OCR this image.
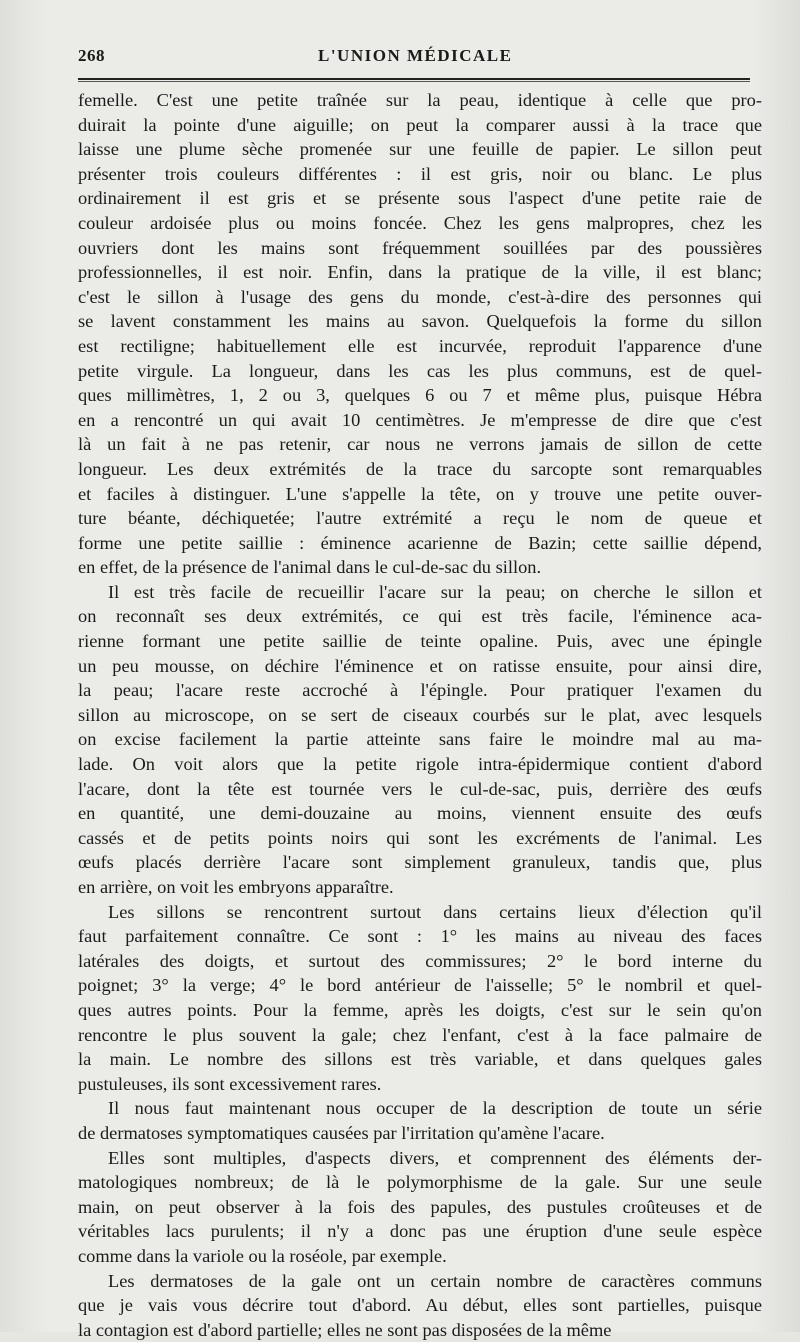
268	L'UNION MÉDICALE
femelle. C'est une petite traînée sur la peau, identique à celle que pro-
duirait la pointe d'une aiguille; on peut la comparer aussi à la trace que
laisse une plume sèche promenée sur une feuille de papier. Le sillon peut
présenter trois couleurs différentes : il est gris, noir ou blanc. Le plus
ordinairement il est gris et se présente sous l'aspect d'une petite raie de
couleur ardoisée plus ou moins foncée. Chez les gens malpropres, chez les
ouvriers dont les mains sont fréquemment souillées par des poussières
professionnelles, il est noir. Enfin, dans la pratique de la ville, il est blanc;
c'est le sillon à l'usage des gens du monde, c'est-à-dire des personnes qui
se lavent constamment les mains au savon. Quelquefois la forme du sillon
est rectiligne; habituellement elle est incurvée, reproduit l'apparence d'une
petite virgule. La longueur, dans les cas les plus communs, est de quel-
ques millimètres, 1, 2 ou 3, quelques 6 ou 7 et même plus, puisque Hébra
en a rencontré un qui avait 10 centimètres. Je m'empresse de dire que c'est
là un fait à ne pas retenir, car nous ne verrons jamais de sillon de cette
longueur. Les deux extrémités de la trace du sarcopte sont remarquables
et faciles à distinguer. L'une s'appelle la tête, on y trouve une petite ouver-
ture béante, déchiquetée; l'autre extrémité a reçu le nom de queue et
forme une petite saillie : éminence acarienne de Bazin; cette saillie dépend,
en effet, de la présence de l'animal dans le cul-de-sac du sillon.
Il est très facile de recueillir l'acare sur la peau; on cherche le sillon et
on reconnaît ses deux extrémités, ce qui est très facile, l'éminence aca-
rienne formant une petite saillie de teinte opaline. Puis, avec une épingle
un peu mousse, on déchire l'éminence et on ratisse ensuite, pour ainsi dire,
la peau; l'acare reste accroché à l'épingle. Pour pratiquer l'examen du
sillon au microscope, on se sert de ciseaux courbés sur le plat, avec lesquels
on excise facilement la partie atteinte sans faire le moindre mal au ma-
lade. On voit alors que la petite rigole intra-épidermique contient d'abord
l'acare, dont la tête est tournée vers le cul-de-sac, puis, derrière des œufs
en quantité, une demi-douzaine au moins, viennent ensuite des œufs
cassés et de petits points noirs qui sont les excréments de l'animal. Les
œufs placés derrière l'acare sont simplement granuleux, tandis que, plus
en arrière, on voit les embryons apparaître.
Les sillons se rencontrent surtout dans certains lieux d'élection qu'il
faut parfaitement connaître. Ce sont : 1° les mains au niveau des faces
latérales des doigts, et surtout des commissures; 2° le bord interne du
poignet; 3° la verge; 4° le bord antérieur de l'aisselle; 5° le nombril et quel-
ques autres points. Pour la femme, après les doigts, c'est sur le sein qu'on
rencontre le plus souvent la gale; chez l'enfant, c'est à la face palmaire de
la main. Le nombre des sillons est très variable, et dans quelques gales
pustuleuses, ils sont excessivement rares.
Il nous faut maintenant nous occuper de la description de toute un série
de dermatoses symptomatiques causées par l'irritation qu'amène l'acare.
Elles sont multiples, d'aspects divers, et comprennent des éléments der-
matologiques nombreux; de là le polymorphisme de la gale. Sur une seule
main, on peut observer à la fois des papules, des pustules croûteuses et de
véritables lacs purulents; il n'y a donc pas une éruption d'une seule espèce
comme dans la variole ou la roséole, par exemple.
Les dermatoses de la gale ont un certain nombre de caractères communs
que je vais vous décrire tout d'abord. Au début, elles sont partielles, puisque
la contagion est d'abord partielle; elles ne sont pas disposées de la même
